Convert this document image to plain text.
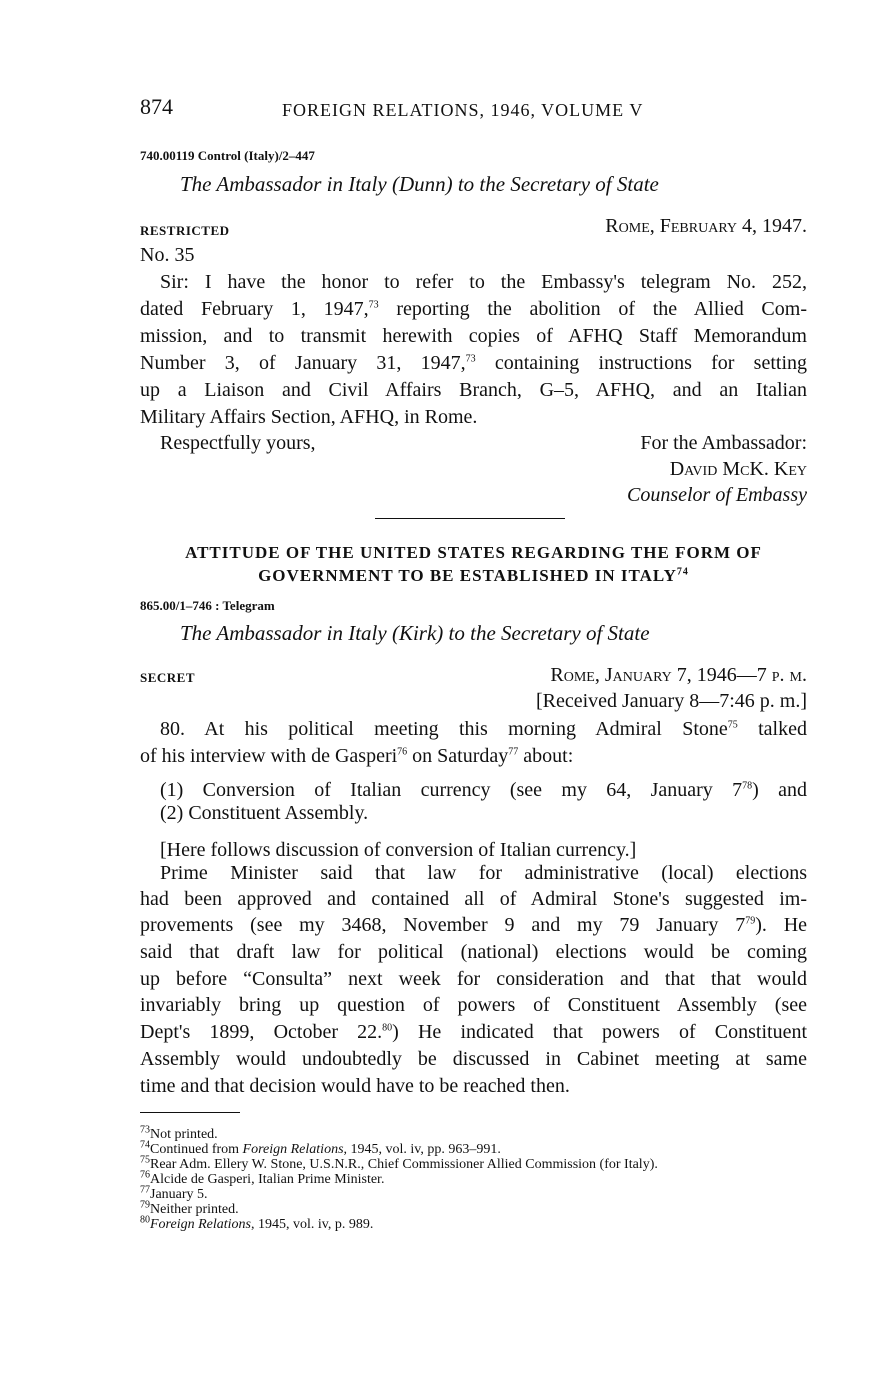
874	FOREIGN RELATIONS, 1946, VOLUME V
740.00119 Control (Italy)/2–447
The Ambassador in Italy (Dunn) to the Secretary of State
RESTRICTED	Rome, February 4, 1947.
No. 35
Sir: I have the honor to refer to the Embassy's telegram No. 252,
dated February 1, 1947,73 reporting the abolition of the Allied Com-
mission, and to transmit herewith copies of AFHQ Staff Memorandum
Number 3, of January 31, 1947,73 containing instructions for setting
up a Liaison and Civil Affairs Branch, G–5, AFHQ, and an Italian
Military Affairs Section, AFHQ, in Rome.
Respectfully yours,	For the Ambassador:
David McK. Key
Counselor of Embassy
ATTITUDE OF THE UNITED STATES REGARDING THE FORM OF
GOVERNMENT TO BE ESTABLISHED IN ITALY$^{74}$
865.00/1–746 : Telegram
The Ambassador in Italy (Kirk) to the Secretary of State
SECRET	Rome, January 7, 1946—7 p. m.
[Received January 8—7:46 p. m.]
80. At his political meeting this morning Admiral Stone$^{75}$ talked
of his interview with de Gasperi$^{76}$ on Saturday$^{77}$ about:
(1) Conversion of Italian currency (see my 64, January $7^{78}$) and
(2) Constituent Assembly.
[Here follows discussion of conversion of Italian currency.]
Prime Minister said that law for administrative (local) elections
had been approved and contained all of Admiral Stone's suggested im-
provements (see my 3468, November 9 and my 79 January $7^{79}$). He
said that draft law for political (national) elections would be coming
up before “Consulta” next week for consideration and that that would
invariably bring up question of powers of Constituent Assembly (see
Dept's 1899, October 22.80) He indicated that powers of Constituent
Assembly would undoubtedly be discussed in Cabinet meeting at same
time and that decision would have to be reached then.
$^{73}$Not printed.
$^{74}$Continued from Foreign Relations, 1945, vol. iv, pp. 963–991.
$^{75}$Rear Adm. Ellery W. Stone, U.S.N.R., Chief Commissioner Allied Commission (for Italy).
$^{76}$Alcide de Gasperi, Italian Prime Minister.
$^{77}$January 5.
$^{79}$Neither printed.
$^{80}$Foreign Relations, 1945, vol. iv, p. 989.
